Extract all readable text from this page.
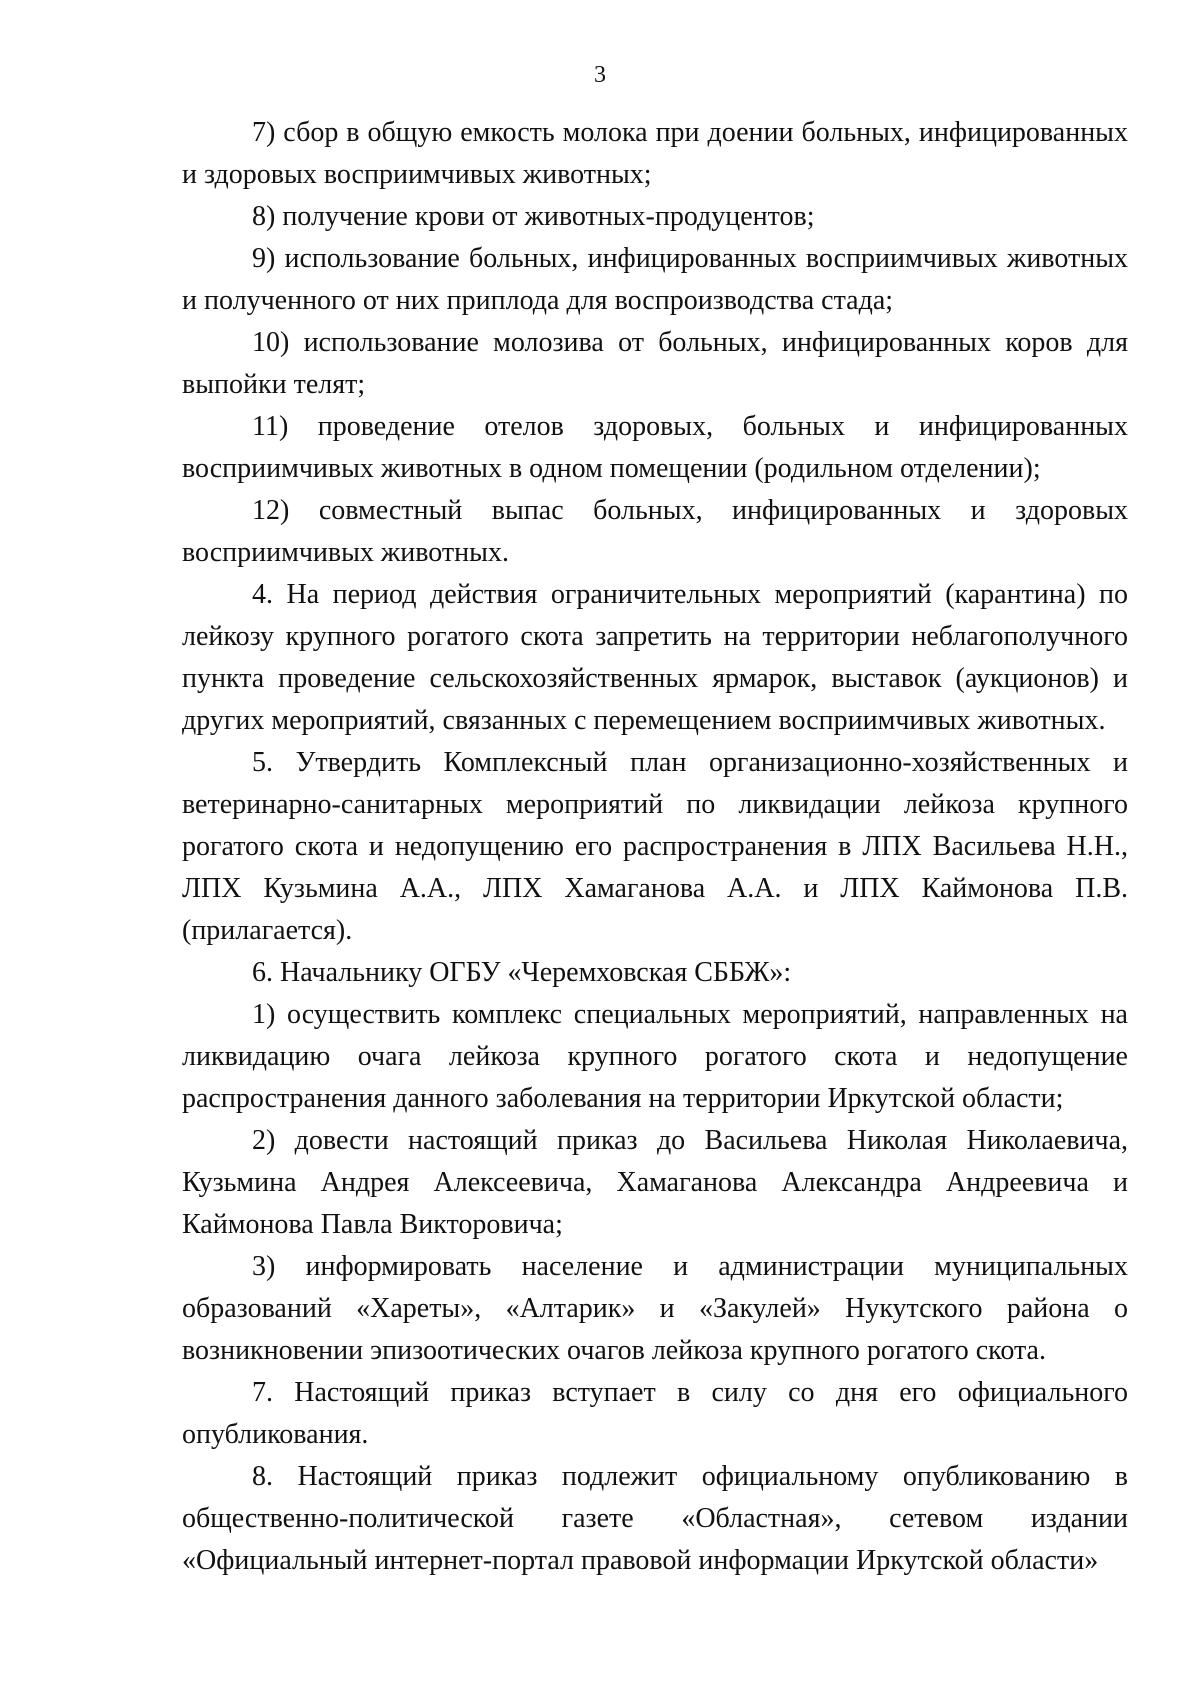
3

7) сбор в общую емкость молока при доении больных, инфицированных и здоровых восприимчивых животных;

8) получение крови от животных-продуцентов;

9) использование больных, инфицированных восприимчивых животных и полученного от них приплода для воспроизводства стада;

10) использование молозива от больных, инфицированных коров для выпойки телят;

11) проведение отелов здоровых, больных и инфицированных восприимчивых животных в одном помещении (родильном отделении);

12) совместный выпас больных, инфицированных и здоровых восприимчивых животных.

4. На период действия ограничительных мероприятий (карантина) по лейкозу крупного рогатого скота запретить на территории неблагополучного пункта проведение сельскохозяйственных ярмарок, выставок (аукционов) и других мероприятий, связанных с перемещением восприимчивых животных.

5. Утвердить Комплексный план организационно-хозяйственных и ветеринарно-санитарных мероприятий по ликвидации лейкоза крупного рогатого скота и недопущению его распространения в ЛПХ Васильева Н.Н., ЛПХ Кузьмина А.А., ЛПХ Хамаганова А.А. и ЛПХ Каймонова П.В. (прилагается).

6. Начальнику ОГБУ «Черемховская СББЖ»:

1) осуществить комплекс специальных мероприятий, направленных на ликвидацию очага лейкоза крупного рогатого скота и недопущение распространения данного заболевания на территории Иркутской области;

2) довести настоящий приказ до Васильева Николая Николаевича, Кузьмина Андрея Алексеевича, Хамаганова Александра Андреевича и Каймонова Павла Викторовича;

3) информировать население и администрации муниципальных образований «Хареты», «Алтарик» и «Закулей» Нукутского района о возникновении эпизоотических очагов лейкоза крупного рогатого скота.

7. Настоящий приказ вступает в силу со дня его официального опубликования.

8. Настоящий приказ подлежит официальному опубликованию в общественно-политической газете «Областная», сетевом издании «Официальный интернет-портал правовой информации Иркутской области»
